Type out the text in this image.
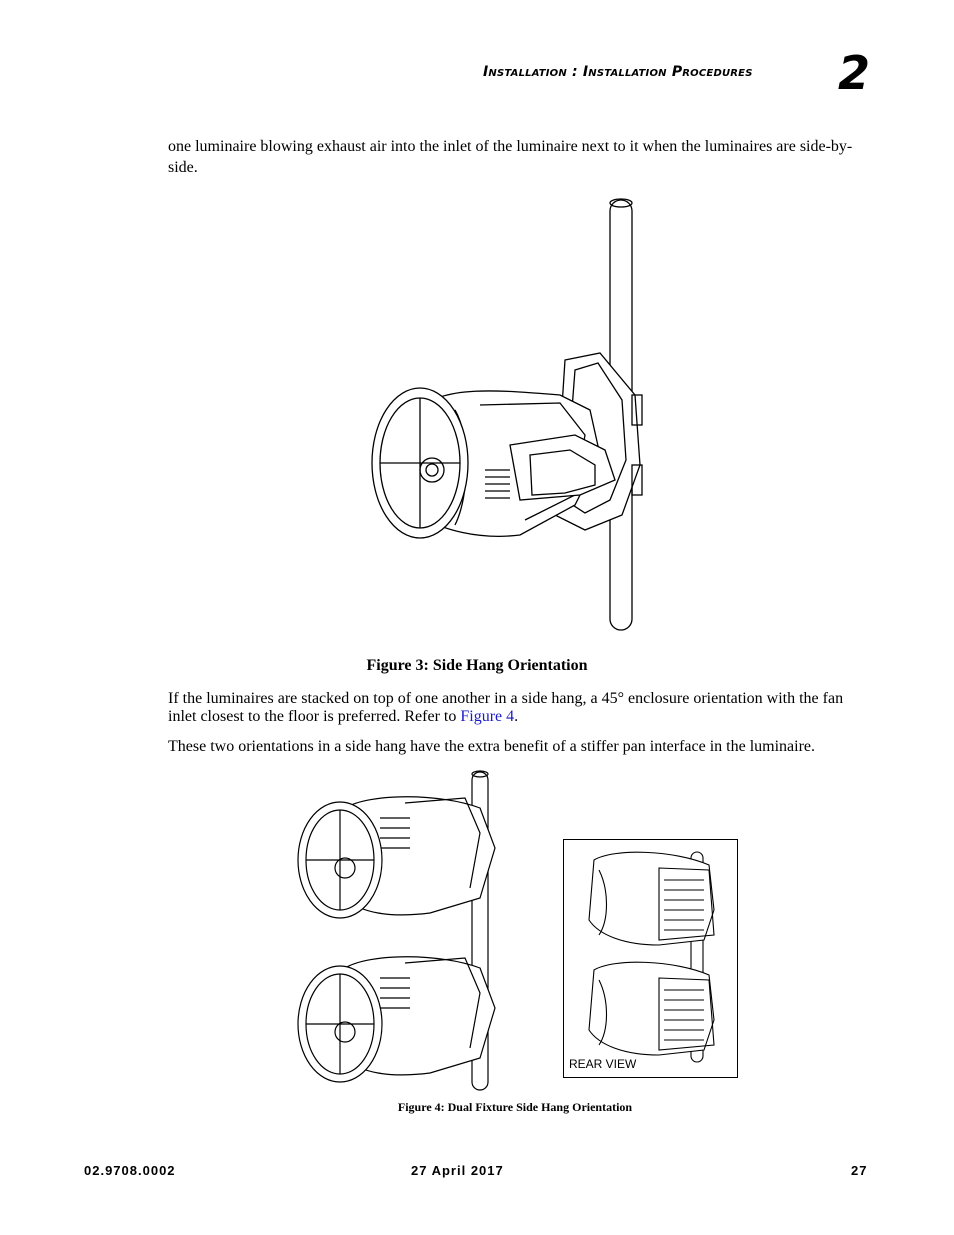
Installation : Installation Procedures 2

one luminaire blowing exhaust air into the inlet of the luminaire next to it when the luminaires are side-by-side.

Figure 3: Side Hang Orientation

If the luminaires are stacked on top of one another in a side hang, a 45° enclosure orientation with the fan inlet closest to the floor is preferred. Refer to Figure 4.

These two orientations in a side hang have the extra benefit of a stiffer pan interface in the luminaire.

REAR VIEW
Figure 4: Dual Fixture Side Hang Orientation
02.9708.0002	27 April 2017	27
